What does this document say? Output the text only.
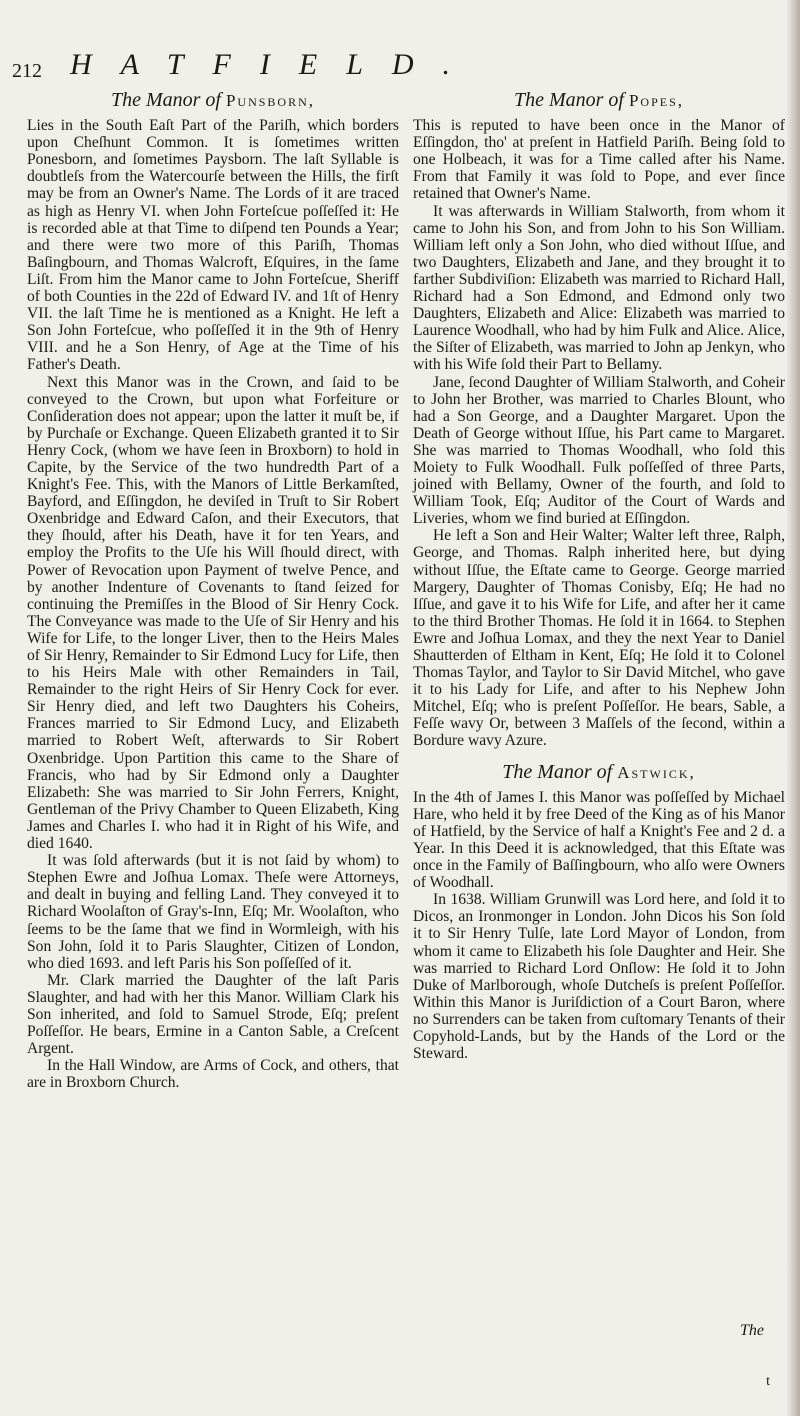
212 HATFIELD.
The Manor of Punsborn,

Lies in the South Eaſt Part of the Pariſh, which borders upon Cheſhunt Common. It is ſometimes written Ponesborn, and ſometimes Paysborn. The laſt Syllable is doubtleſs from the Watercourſe between the Hills, the firſt may be from an Owner's Name. The Lords of it are traced as high as Henry VI. when John Forteſcue poſſeſſed it: He is recorded able at that Time to diſpend ten Pounds a Year; and there were two more of this Pariſh, Thomas Baſingbourn, and Thomas Walcroft, Eſquires, in the ſame Liſt. From him the Manor came to John Forteſcue, Sheriff of both Counties in the 22d of Edward IV. and 1ſt of Henry VII. the laſt Time he is mentioned as a Knight. He left a Son John Forteſcue, who poſſeſſed it in the 9th of Henry VIII. and he a Son Henry, of Age at the Time of his Father's Death.

Next this Manor was in the Crown, and ſaid to be conveyed to the Crown, but upon what Forfeiture or Conſideration does not appear; upon the latter it muſt be, if by Purchaſe or Exchange. Queen Elizabeth granted it to Sir Henry Cock, (whom we have ſeen in Broxborn) to hold in Capite, by the Service of the two hundredth Part of a Knight's Fee. This, with the Manors of Little Berkamſted, Bayford, and Eſſingdon, he deviſed in Truſt to Sir Robert Oxenbridge and Edward Caſon, and their Executors, that they ſhould, after his Death, have it for ten Years, and employ the Profits to the Uſe his Will ſhould direct, with Power of Revocation upon Payment of twelve Pence, and by another Indenture of Covenants to ſtand ſeized for continuing the Premiſſes in the Blood of Sir Henry Cock. The Conveyance was made to the Uſe of Sir Henry and his Wife for Life, to the longer Liver, then to the Heirs Males of Sir Henry, Remainder to Sir Edmond Lucy for Life, then to his Heirs Male with other Remainders in Tail, Remainder to the right Heirs of Sir Henry Cock for ever. Sir Henry died, and left two Daughters his Coheirs, Frances married to Sir Edmond Lucy, and Elizabeth married to Robert Weſt, afterwards to Sir Robert Oxenbridge. Upon Partition this came to the Share of Francis, who had by Sir Edmond only a Daughter Elizabeth: She was married to Sir John Ferrers, Knight, Gentleman of the Privy Chamber to Queen Elizabeth, King James and Charles I. who had it in Right of his Wife, and died 1640.

It was ſold afterwards (but it is not ſaid by whom) to Stephen Ewre and Joſhua Lomax. Theſe were Attorneys, and dealt in buying and felling Land. They conveyed it to Richard Woolaſton of Gray's-Inn, Eſq; Mr. Woolaſton, who ſeems to be the ſame that we find in Wormleigh, with his Son John, ſold it to Paris Slaughter, Citizen of London, who died 1693. and left Paris his Son poſſeſſed of it.

Mr. Clark married the Daughter of the laſt Paris Slaughter, and had with her this Manor. William Clark his Son inherited, and ſold to Samuel Strode, Eſq; preſent Poſſeſſor. He bears, Ermine in a Canton Sable, a Creſcent Argent.

In the Hall Window, are Arms of Cock, and others, that are in Broxborn Church.

The Manor of Popes,

This is reputed to have been once in the Manor of Eſſingdon, tho' at preſent in Hatfield Pariſh. Being ſold to one Holbeach, it was for a Time called after his Name. From that Family it was ſold to Pope, and ever ſince retained that Owner's Name.

It was afterwards in William Stalworth, from whom it came to John his Son, and from John to his Son William. William left only a Son John, who died without Iſſue, and two Daughters, Elizabeth and Jane, and they brought it to farther Subdiviſion: Elizabeth was married to Richard Hall, Richard had a Son Edmond, and Edmond only two Daughters, Elizabeth and Alice: Elizabeth was married to Laurence Woodhall, who had by him Fulk and Alice. Alice, the Siſter of Elizabeth, was married to John ap Jenkyn, who with his Wife ſold their Part to Bellamy.

Jane, ſecond Daughter of William Stalworth, and Coheir to John her Brother, was married to Charles Blount, who had a Son George, and a Daughter Margaret. Upon the Death of George without Iſſue, his Part came to Margaret. She was married to Thomas Woodhall, who ſold this Moiety to Fulk Woodhall. Fulk poſſeſſed of three Parts, joined with Bellamy, Owner of the fourth, and ſold to William Took, Eſq; Auditor of the Court of Wards and Liveries, whom we find buried at Eſſingdon.

He left a Son and Heir Walter; Walter left three, Ralph, George, and Thomas. Ralph inherited here, but dying without Iſſue, the Eſtate came to George. George married Margery, Daughter of Thomas Conisby, Eſq; He had no Iſſue, and gave it to his Wife for Life, and after her it came to the third Brother Thomas. He ſold it in 1664. to Stephen Ewre and Joſhua Lomax, and they the next Year to Daniel Shautterden of Eltham in Kent, Eſq; He ſold it to Colonel Thomas Taylor, and Taylor to Sir David Mitchel, who gave it to his Lady for Life, and after to his Nephew John Mitchel, Eſq; who is preſent Poſſeſſor. He bears, Sable, a Feſſe wavy Or, between 3 Maſſels of the ſecond, within a Bordure wavy Azure.

The Manor of Astwick,

In the 4th of James I. this Manor was poſſeſſed by Michael Hare, who held it by free Deed of the King as of his Manor of Hatfield, by the Service of half a Knight's Fee and 2 d. a Year. In this Deed it is acknowledged, that this Eſtate was once in the Family of Baſſingbourn, who alſo were Owners of Woodhall.

In 1638. William Grunwill was Lord here, and ſold it to Dicos, an Ironmonger in London. John Dicos his Son ſold it to Sir Henry Tulſe, late Lord Mayor of London, from whom it came to Elizabeth his ſole Daughter and Heir. She was married to Richard Lord Onſlow: He ſold it to John Duke of Marlborough, whoſe Dutcheſs is preſent Poſſeſſor. Within this Manor is Juriſdiction of a Court Baron, where no Surrenders can be taken from cuſtomary Tenants of their Copyhold-Lands, but by the Hands of the Lord or the Steward.

The
t
